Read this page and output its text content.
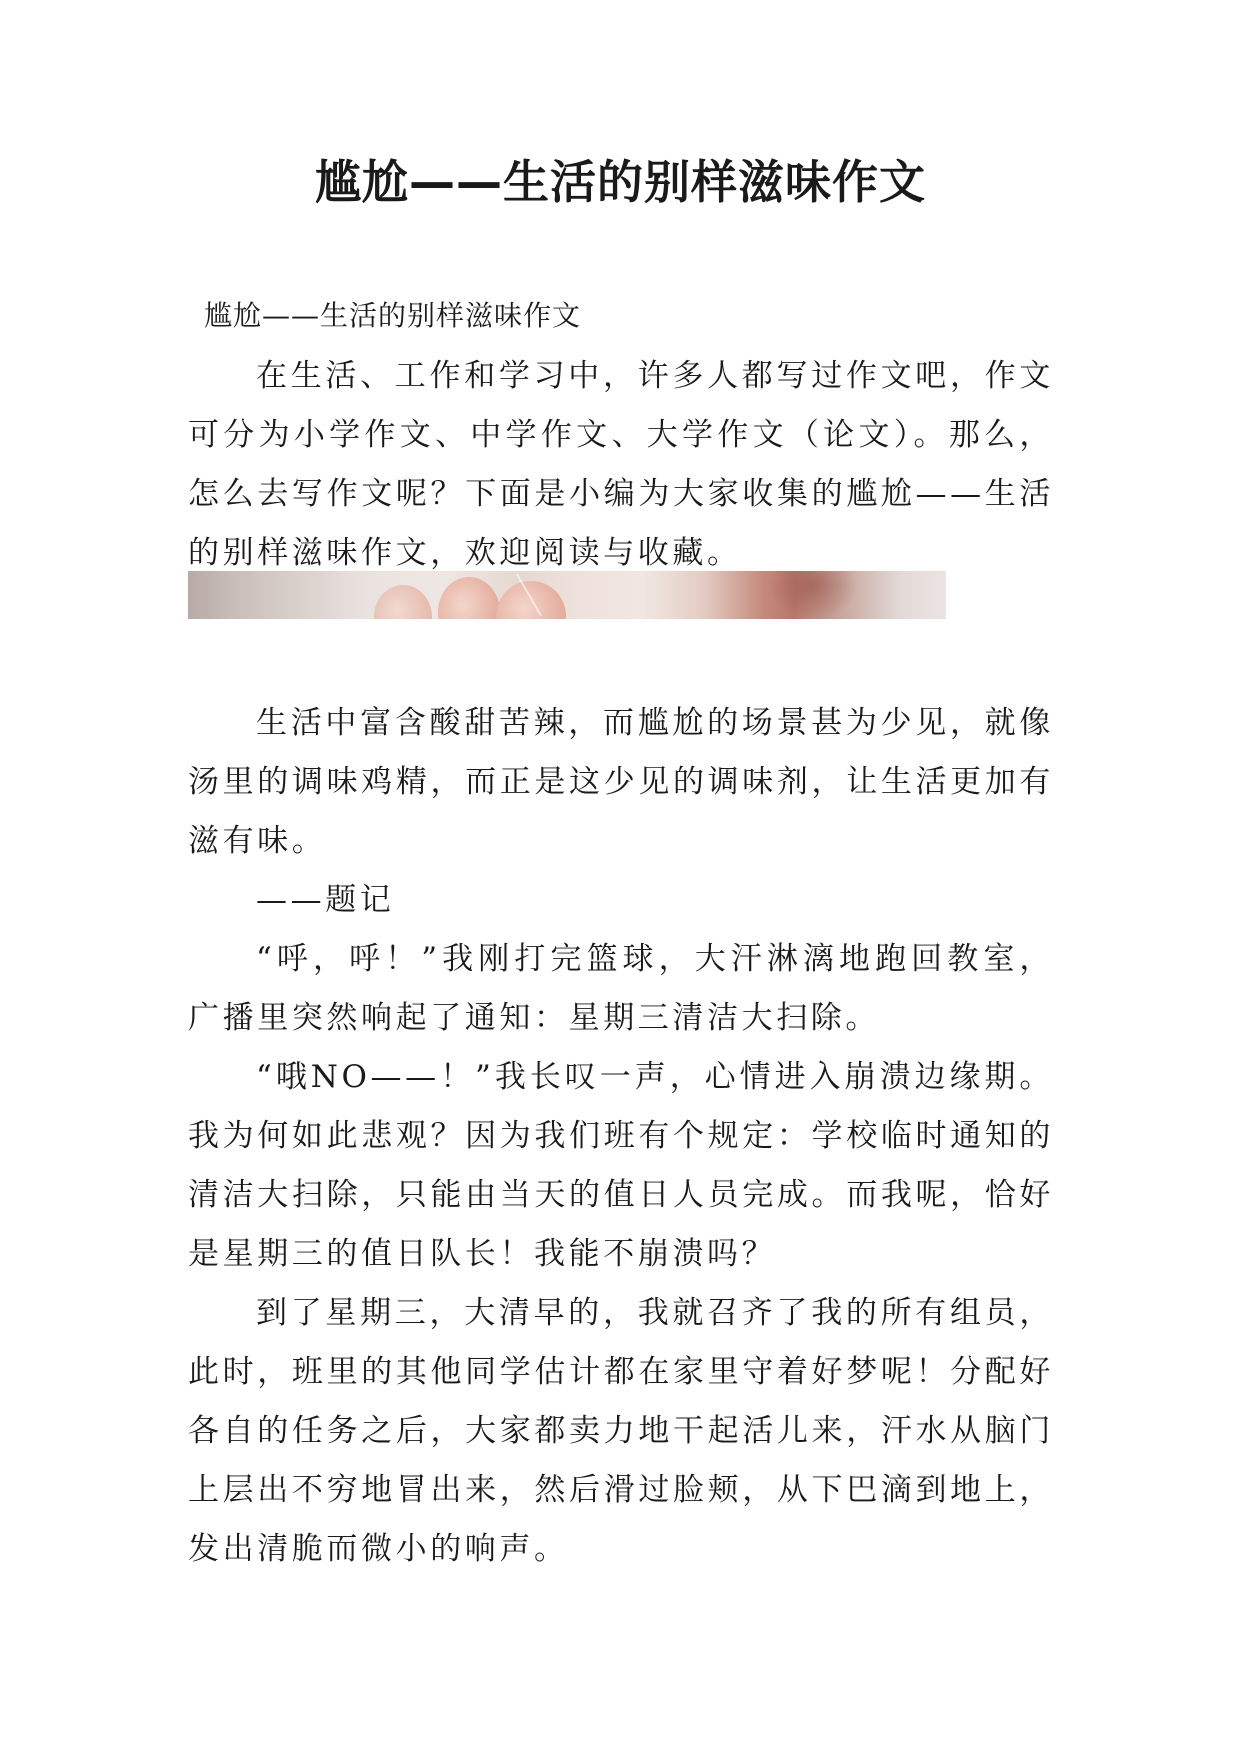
尴尬——生活的别样滋味作文

尴尬——生活的别样滋味作文

在生活、工作和学习中，许多人都写过作文吧，作文可分为小学作文、中学作文、大学作文（论文）。那么，怎么去写作文呢？下面是小编为大家收集的尴尬——生活的别样滋味作文，欢迎阅读与收藏。

生活中富含酸甜苦辣，而尴尬的场景甚为少见，就像汤里的调味鸡精，而正是这少见的调味剂，让生活更加有滋有味。

——题记

“呼，呼！”我刚打完篮球，大汗淋漓地跑回教室，广播里突然响起了通知：星期三清洁大扫除。

“哦NO——！”我长叹一声，心情进入崩溃边缘期。我为何如此悲观？因为我们班有个规定：学校临时通知的清洁大扫除，只能由当天的值日人员完成。而我呢，恰好是星期三的值日队长！我能不崩溃吗？

到了星期三，大清早的，我就召齐了我的所有组员，此时，班里的其他同学估计都在家里守着好梦呢！分配好各自的任务之后，大家都卖力地干起活儿来，汗水从脑门上层出不穷地冒出来，然后滑过脸颊，从下巴滴到地上，发出清脆而微小的响声。
